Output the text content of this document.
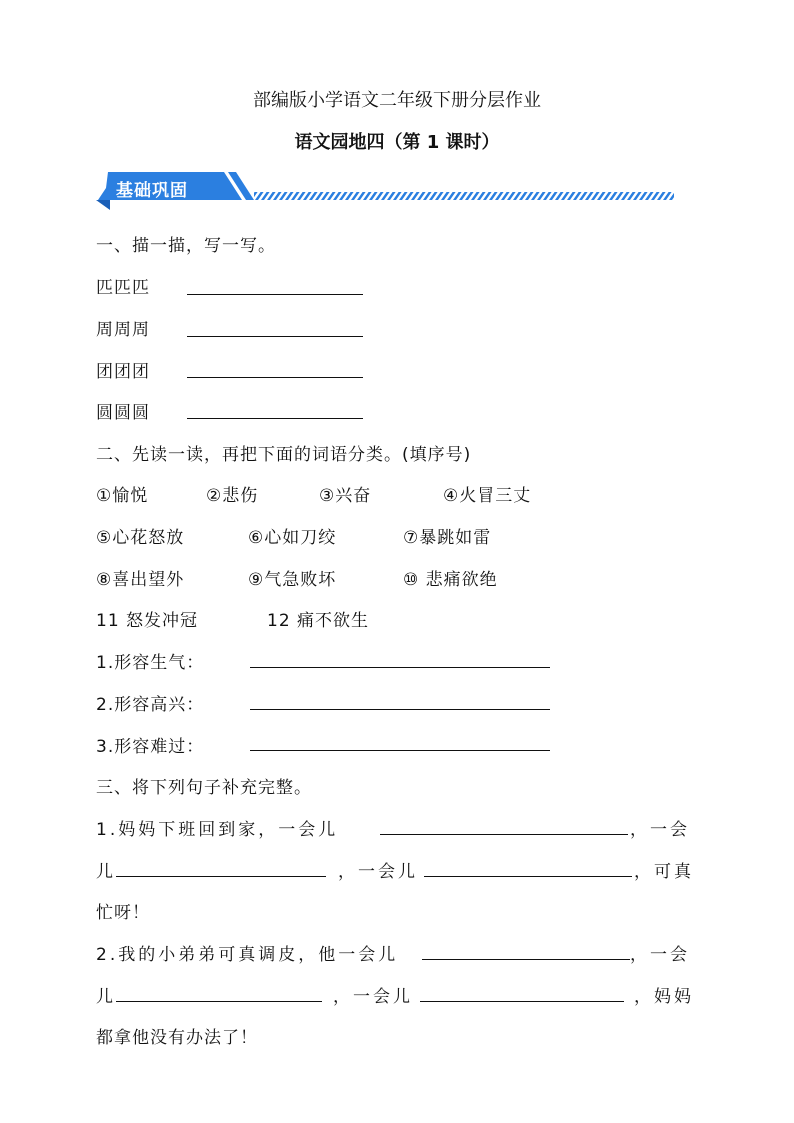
部编版小学语文二年级下册分层作业
语文园地四（第 1 课时）
基础巩固
一、描一描，写一写。
匹匹匹
周周周
团团团
圆圆圆
二、先读一读，再把下面的词语分类。(填序号)
①愉悦	②悲伤	③兴奋	④火冒三丈
⑤心花怒放	⑥心如刀绞	⑦暴跳如雷
⑧喜出望外	⑨气急败坏	⑩ 悲痛欲绝
11 怒发冲冠	12 痛不欲生
1.形容生气：
2.形容高兴：
3.形容难过：
三、将下列句子补充完整。
1.妈妈下班回到家，一会儿	，一会
儿	，一会儿	，可真
忙呀！
2.我的小弟弟可真调皮，他一会儿	，一会
儿	，一会儿	，妈妈
都拿他没有办法了！
